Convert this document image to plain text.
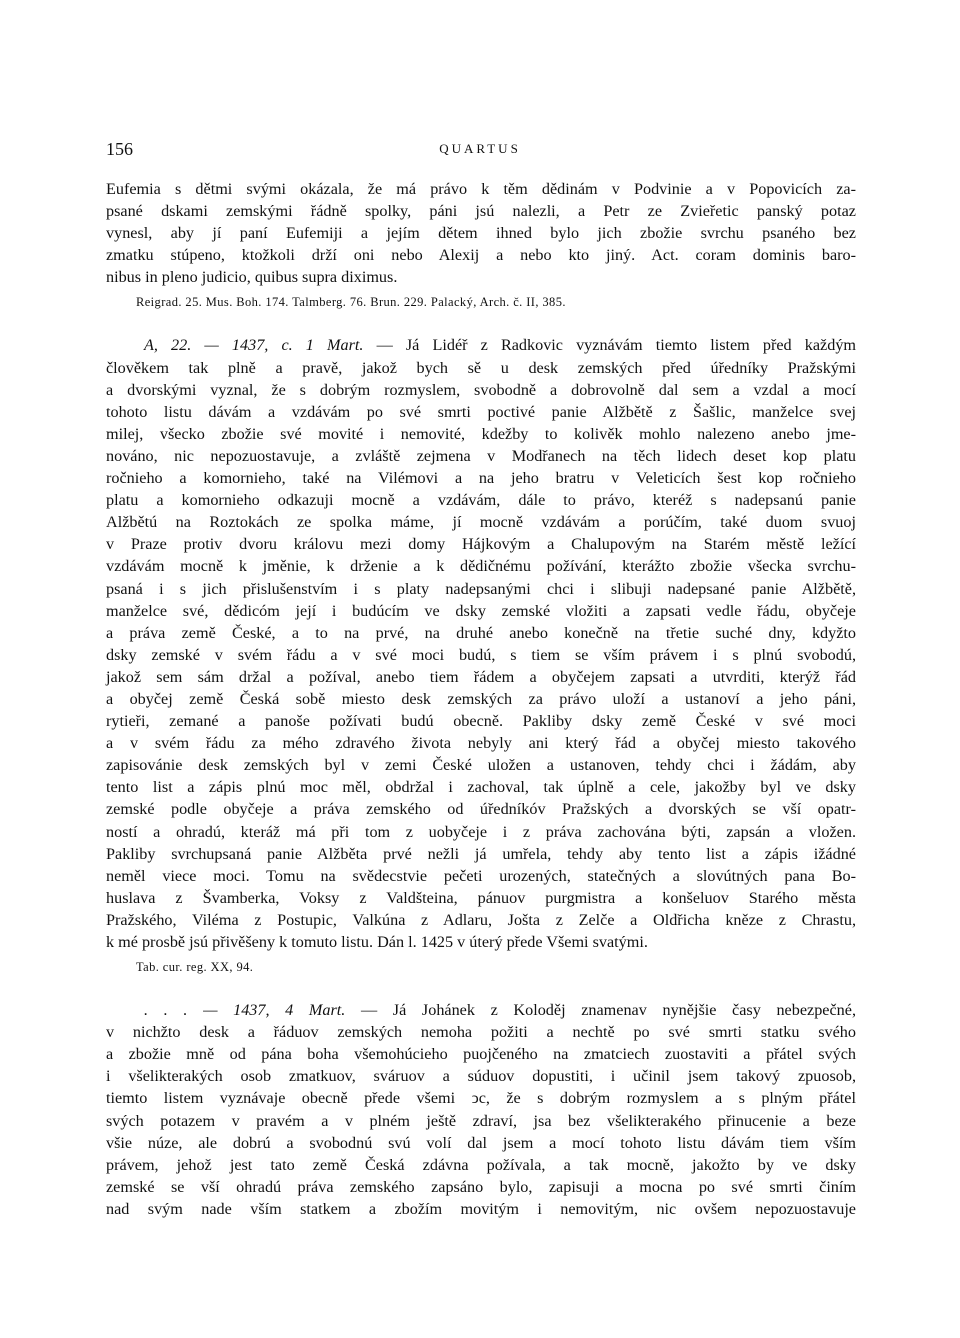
156	QUARTUS
Eufemia s dětmi svými okázala, že má právo k těm dědinám v Podvinie a v Popovicích za-
psané dskami zemskými řádně spolky, páni jsú nalezli, a Petr ze Zvieřetic panský potaz
vynesl, aby jí paní Eufemiji a jejím dětem ihned bylo jich zbožie svrchu psaného bez
zmatku stúpeno, ktožkoli drží oni nebo Alexij a nebo kto jiný. Act. coram dominis baro-
nibus in pleno judicio, quibus supra diximus.
Reigrad. 25. Mus. Boh. 174. Talmberg. 76. Brun. 229. Palacký, Arch. č. II, 385.
A, 22. — 1437, c. 1 Mart. — Já Lidéř z Radkovic vyznávám tiemto listem před každým
člověkem tak plně a pravě, jakož bych sě u desk zemských před úředníky Pražskými
a dvorskými vyznal, že s dobrým rozmyslem, svobodně a dobrovolně dal sem a vzdal a mocí
tohoto listu dávám a vzdávám po své smrti poctivé panie Alžbětě z Šašlic, manželce svej
milej, všecko zbožie své movité i nemovité, kdežby to kolivěk mohlo nalezeno anebo jme-
nováno, nic nepozuostavuje, a zvláště zejmena v Modřanech na těch lidech deset kop platu
ročnieho a komornieho, také na Vilémovi a na jeho bratru v Veleticích šest kop ročnieho
platu a komornieho odkazuji mocně a vzdávám, dále to právo, kteréž s nadepsanú panie
Alžbětú na Roztokách ze spolka máme, jí mocně vzdávám a porúčím, také duom svuoj
v Praze protiv dvoru královu mezi domy Hájkovým a Chalupovým na Starém městě ležící
vzdávám mocně k jměnie, k drženie a k dědičnému požívání, kterážto zbožie všecka svrchu-
psaná i s jich přislušenstvím i s platy nadepsanými chci i slibuji nadepsané panie Alžbětě,
manželce své, dědicóm její i budúcím ve dsky zemské vložiti a zapsati vedle řádu, obyčeje
a práva země České, a to na prvé, na druhé anebo konečně na třetie suché dny, kdyžto
dsky zemské v svém řádu a v své moci budú, s tiem se vším právem i s plnú svobodú,
jakož sem sám držal a požíval, anebo tiem řádem a obyčejem zapsati a utvrditi, kterýž řád
a obyčej země Česká sobě miesto desk zemských za právo uloží a ustanoví a jeho páni,
rytieři, zemané a panoše požívati budú obecně. Pakliby dsky země České v své moci
a v svém řádu za mého zdravého života nebyly ani který řád a obyčej miesto takového
zapisovánie desk zemských byl v zemi České uložen a ustanoven, tehdy chci i žádám, aby
tento list a zápis plnú moc měl, obdržal i zachoval, tak úplně a cele, jakožby byl ve dsky
zemské podle obyčeje a práva zemského od úředníkóv Pražských a dvorských se vší opatr-
ností a ohradú, kteráž má při tom z uobyčeje i z práva zachována býti, zapsán a vložen.
Pakliby svrchupsaná panie Alžběta prvé nežli já umřela, tehdy aby tento list a zápis ižádné
neměl viece moci. Tomu na svědecstvie pečeti urozených, statečných a slovútných pana Bo-
huslava z Švamberka, Voksy z Valdšteina, pánuov purgmistra a konšeluov Starého města
Pražského, Viléma z Postupic, Valkúna z Adlaru, Jošta z Zelče a Oldřicha kněze z Chrastu,
k mé prosbě jsú přivěšeny k tomuto listu. Dán l. 1425 v úterý přede Všemi svatými.
Tab. cur. reg. XX, 94.
. . . — 1437, 4 Mart. — Já Johánek z Koloděj znamenav nynějšie časy nebezpečné,
v nichžto desk a řáduov zemských nemoha požiti a nechtě po své smrti statku svého
a zbožie mně od pána boha všemohúcieho puojčeného na zmatciech zuostaviti a přátel svých
i všelikterakých osob zmatkuov, sváruov a súduov dopustiti, i učinil jsem takový zpuosob,
tiemto listem vyznávaje obecně přede všemi ↄc, že s dobrým rozmyslem a s plným přátel
svých potazem v pravém a v plném ještě zdraví, jsa bez všelikterakého přinucenie a beze
všie núze, ale dobrú a svobodnú svú volí dal jsem a mocí tohoto listu dávám tiem vším
právem, jehož jest tato země Česká zdávna požívala, a tak mocně, jakožto by ve dsky
zemské se vší ohradú práva zemského zapsáno bylo, zapisuji a mocna po své smrti činím
nad svým nade vším statkem a zbožím movitým i nemovitým, nic ovšem nepozuostavuje
